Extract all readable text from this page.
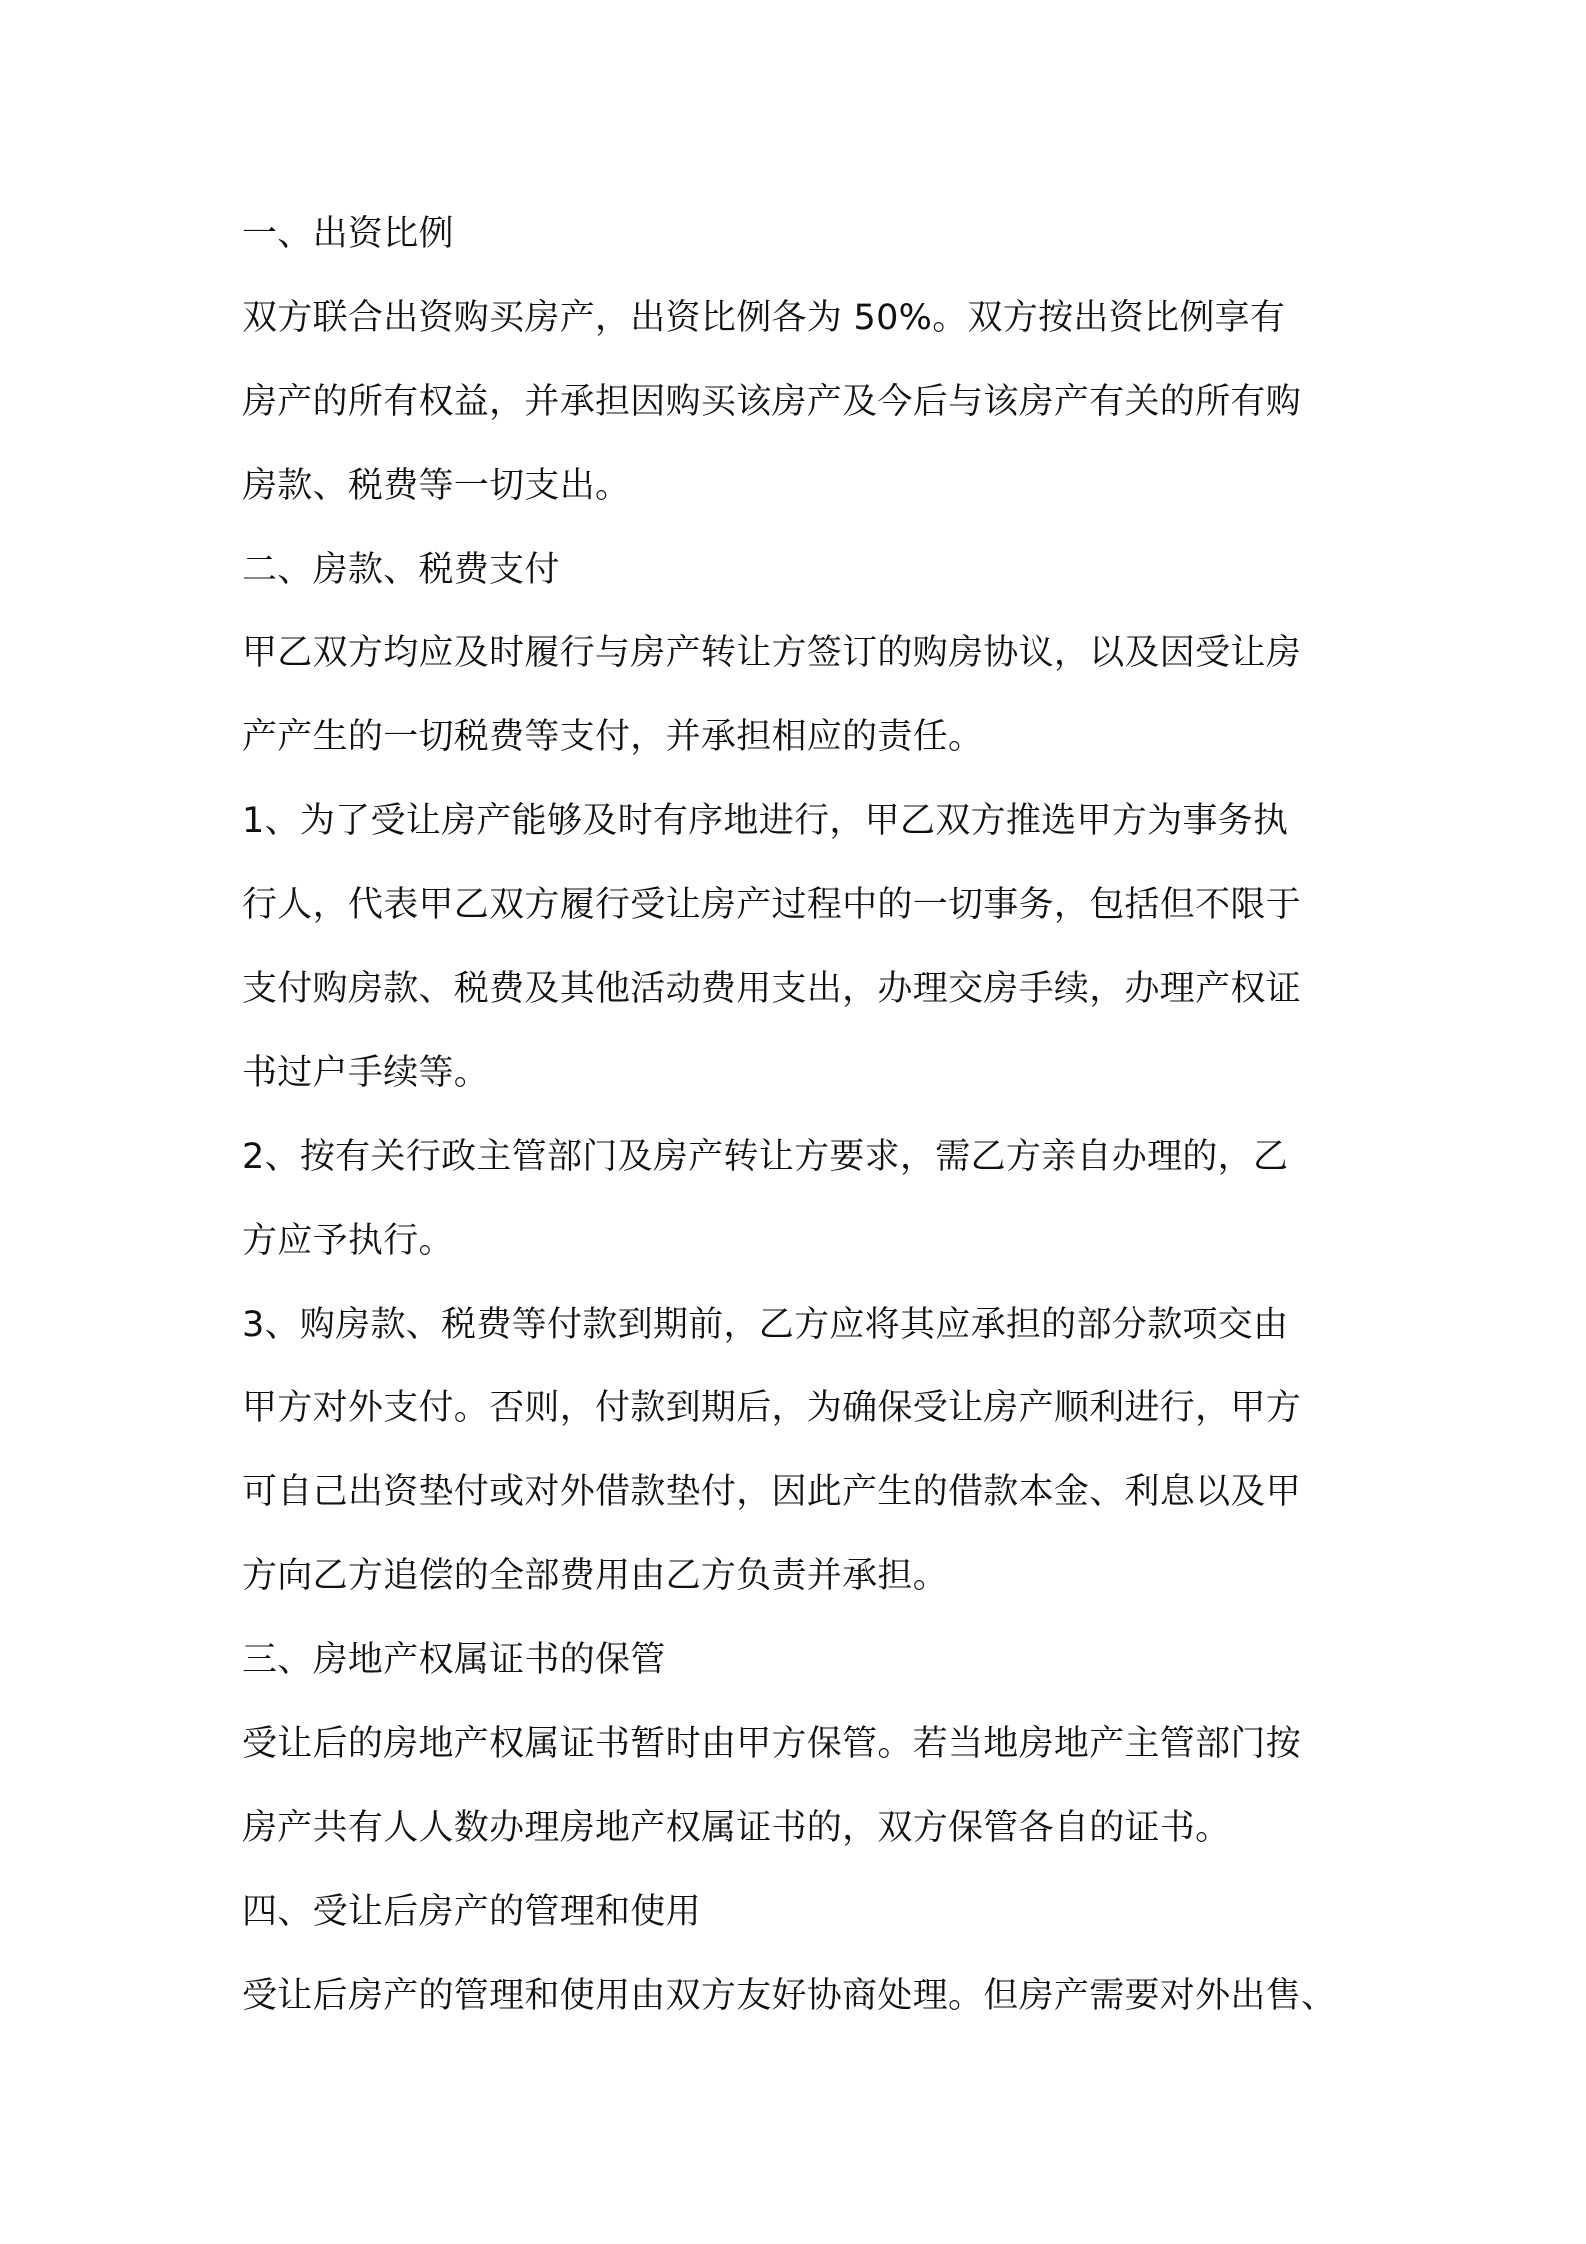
一、出资比例
双方联合出资购买房产，出资比例各为 50%。双方按出资比例享有
房产的所有权益，并承担因购买该房产及今后与该房产有关的所有购
房款、税费等一切支出。
二、房款、税费支付
甲乙双方均应及时履行与房产转让方签订的购房协议，以及因受让房
产产生的一切税费等支付，并承担相应的责任。
1、为了受让房产能够及时有序地进行，甲乙双方推选甲方为事务执
行人，代表甲乙双方履行受让房产过程中的一切事务，包括但不限于
支付购房款、税费及其他活动费用支出，办理交房手续，办理产权证
书过户手续等。
2、按有关行政主管部门及房产转让方要求，需乙方亲自办理的，乙
方应予执行。
3、购房款、税费等付款到期前，乙方应将其应承担的部分款项交由
甲方对外支付。否则，付款到期后，为确保受让房产顺利进行，甲方
可自己出资垫付或对外借款垫付，因此产生的借款本金、利息以及甲
方向乙方追偿的全部费用由乙方负责并承担。
三、房地产权属证书的保管
受让后的房地产权属证书暂时由甲方保管。若当地房地产主管部门按
房产共有人人数办理房地产权属证书的，双方保管各自的证书。
四、受让后房产的管理和使用
受让后房产的管理和使用由双方友好协商处理。但房产需要对外出售、
